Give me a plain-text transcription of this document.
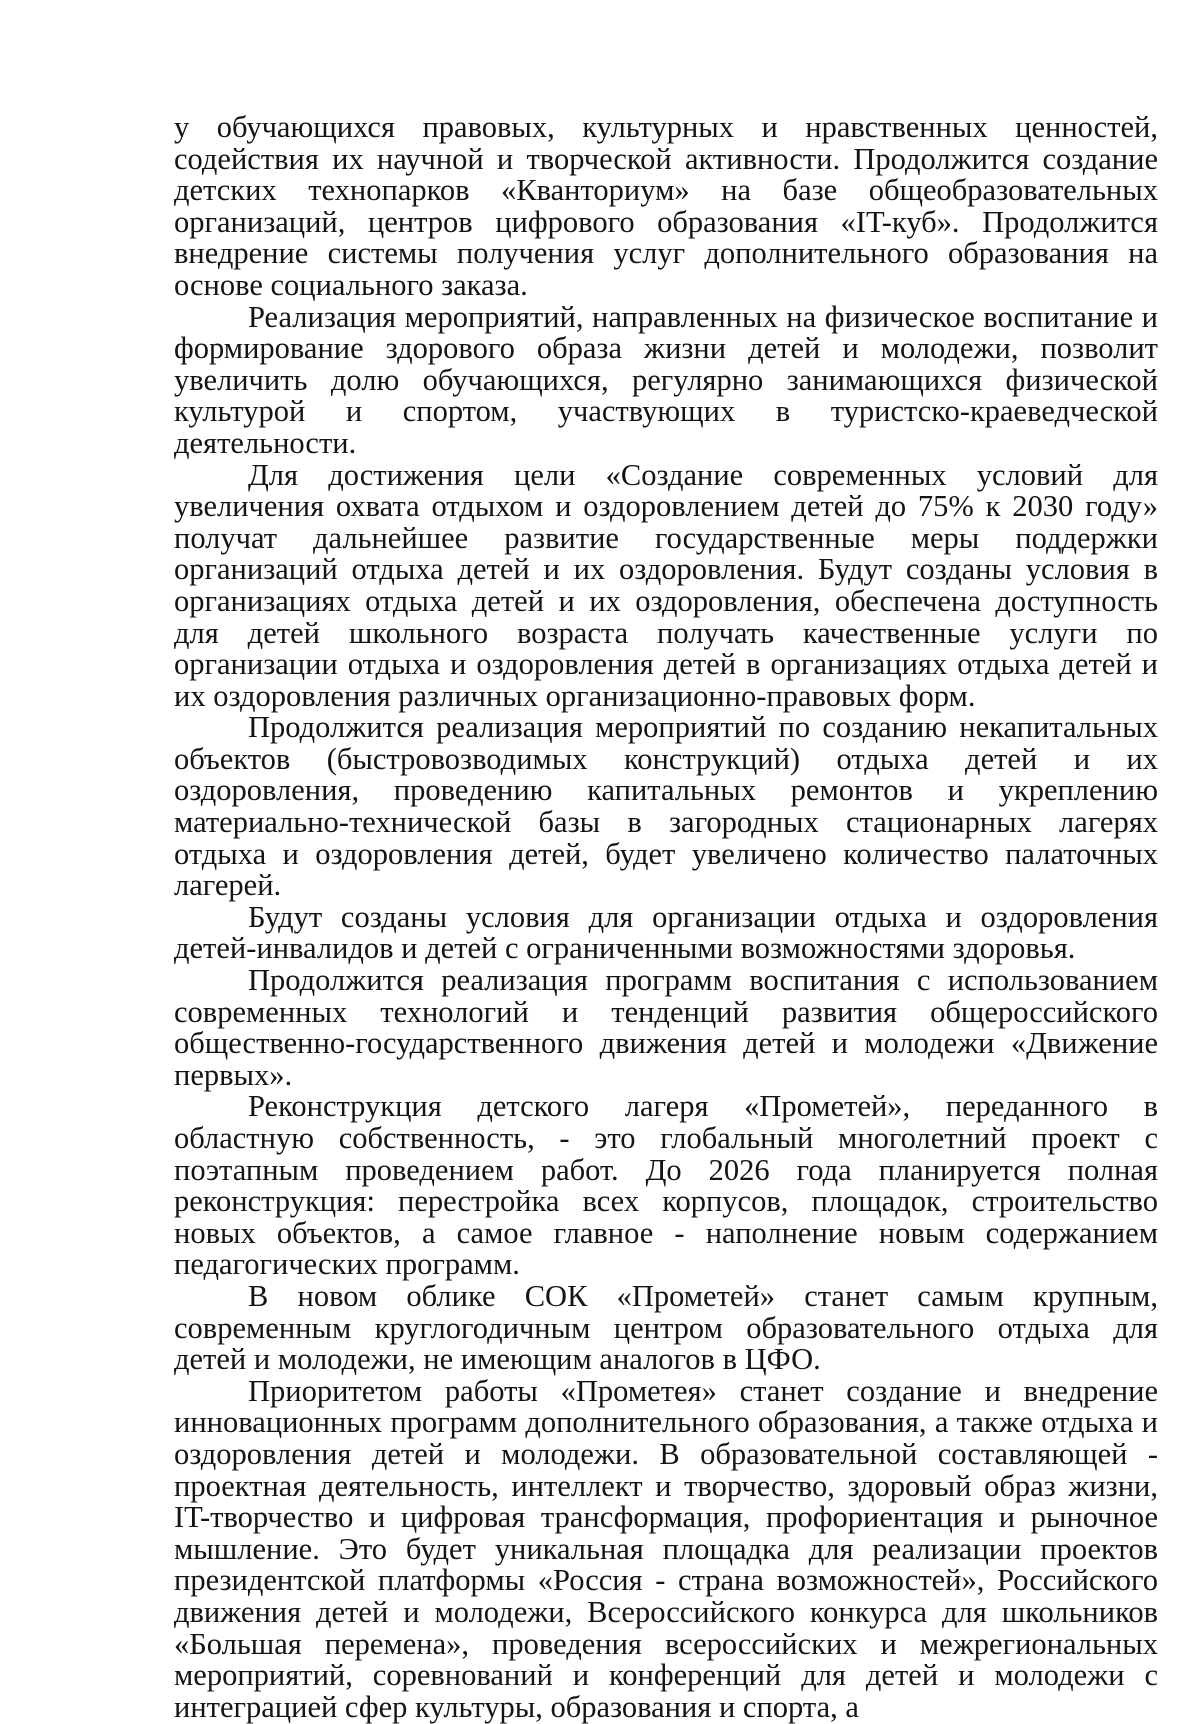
у обучающихся правовых, культурных и нравственных ценностей, содействия их научной и творческой активности. Продолжится создание детских технопарков «Кванториум» на базе общеобразовательных организаций, центров цифрового образования «IT-куб». Продолжится внедрение системы получения услуг дополнительного образования на основе социального заказа.

Реализация мероприятий, направленных на физическое воспитание и формирование здорового образа жизни детей и молодежи, позволит увеличить долю обучающихся, регулярно занимающихся физической культурой и спортом, участвующих в туристско-краеведческой деятельности.

Для достижения цели «Создание современных условий для увеличения охвата отдыхом и оздоровлением детей до 75% к 2030 году» получат дальнейшее развитие государственные меры поддержки организаций отдыха детей и их оздоровления. Будут созданы условия в организациях отдыха детей и их оздоровления, обеспечена доступность для детей школьного возраста получать качественные услуги по организации отдыха и оздоровления детей в организациях отдыха детей и их оздоровления различных организационно-правовых форм.

Продолжится реализация мероприятий по созданию некапитальных объектов (быстровозводимых конструкций) отдыха детей и их оздоровления, проведению капитальных ремонтов и укреплению материально-технической базы в загородных стационарных лагерях отдыха и оздоровления детей, будет увеличено количество палаточных лагерей.

Будут созданы условия для организации отдыха и оздоровления детей-инвалидов и детей с ограниченными возможностями здоровья.

Продолжится реализация программ воспитания с использованием современных технологий и тенденций развития общероссийского общественно-государственного движения детей и молодежи «Движение первых».

Реконструкция детского лагеря «Прометей», переданного в областную собственность, - это глобальный многолетний проект с поэтапным проведением работ. До 2026 года планируется полная реконструкция: перестройка всех корпусов, площадок, строительство новых объектов, а самое главное - наполнение новым содержанием педагогических программ.

В новом облике СОК «Прометей» станет самым крупным, современным круглогодичным центром образовательного отдыха для детей и молодежи, не имеющим аналогов в ЦФО.

Приоритетом работы «Прометея» станет создание и внедрение инновационных программ дополнительного образования, а также отдыха и оздоровления детей и молодежи. В образовательной составляющей - проектная деятельность, интеллект и творчество, здоровый образ жизни, IT-творчество и цифровая трансформация, профориентация и рыночное мышление. Это будет уникальная площадка для реализации проектов президентской платформы «Россия - страна возможностей», Российского движения детей и молодежи, Всероссийского конкурса для школьников «Большая перемена», проведения всероссийских и межрегиональных мероприятий, соревнований и конференций для детей и молодежи с интеграцией сфер культуры, образования и спорта, а
